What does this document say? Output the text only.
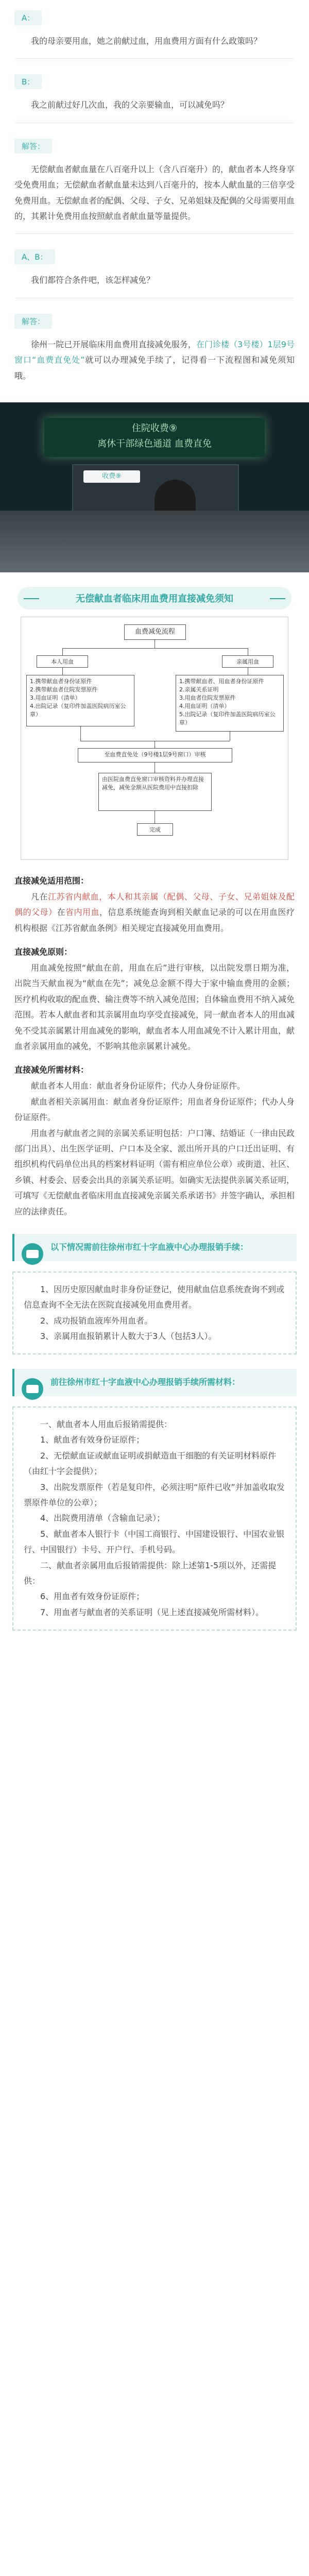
A：
我的母亲要用血，她之前献过血，用血费用方面有什么政策吗？
B：
我之前献过好几次血，我的父亲要输血，可以减免吗？
解答：
无偿献血者献血量在八百毫升以上（含八百毫升）的，献血者本人终身享受免费用血；无偿献血者献血量未达到八百毫升的，按本人献血量的三倍享受免费用血。无偿献血者的配偶、父母、子女、兄弟姐妹及配偶的父母需要用血的，其累计免费用血按照献血者献血量等量提供。
A、B：
我们都符合条件吧，该怎样减免？
解答：
徐州一院已开展临床用血费用直接减免服务，在门诊楼（3号楼）1层9号窗口“血费直免处”就可以办理减免手续了，记得看一下流程图和减免须知哦。
住院收费⑨
离休干部绿色通道 血费直免
收费⑨
无偿献血者临床用血费用直接减免须知
血费减免流程
本人用血	亲属用血
1.携带献血者身份证原件
2.携带献血者住院发票原件
3.用血证明（清单）
4.出院记录（复印件加盖医院病历室公章）
1.携带献血者、用血者身份证原件
2.亲属关系证明
3.用血者住院发票原件
4.用血证明（清单）
5.出院记录（复印件加盖医院病历室公章）
至血费直免处（9号楼1层9号窗口）审核
由医院血费直免窗口审核资料并办理直接减免，减免金额从医院费用中直接扣除
完成
直接减免适用范围：
凡在江苏省内献血，本人和其亲属（配偶、父母、子女、兄弟姐妹及配偶的父母）在省内用血，信息系统能查询到相关献血记录的可以在用血医疗机构根据《江苏省献血条例》相关规定直接减免用血费用。
直接减免原则：
用血减免按照“献血在前，用血在后”进行审核，以出院发票日期为准，出院当天献血视为“献血在先”；减免总金额不得大于家中输血费用的金额；医疗机构收取的配血费、输注费等不纳入减免范围；自体输血费用不纳入减免范围。若本人献血者和其亲属用血均享受直接减免，同一献血者本人的用血减免不受其亲属累计用血减免的影响，献血者本人用血减免不计入累计用血，献血者亲属用血的减免，不影响其他亲属累计减免。
直接减免所需材料：
献血者本人用血：献血者身份证原件；代办人身份证原件。
献血者相关亲属用血：献血者身份证原件；用血者身份证原件；代办人身份证原件。
用血者与献血者之间的亲属关系证明包括：户口簿、结婚证（一律由民政部门出具）、出生医学证明、户口本及全家、派出所开具的户口迁出证明、有组织机构代码单位出具的档案材料证明（需有相应单位公章）或街道、社区、乡镇、村委会、居委会出具的亲属关系证明。如确实无法提供亲属关系证明，可填写《无偿献血者临床用血直接减免亲属关系承诺书》并签字确认，承担相应的法律责任。
以下情况需前往徐州市红十字血液中心办理报销手续：
1、因历史原因献血时非身份证登记，使用献血信息系统查询不到或信息查询不全无法在医院直接减免用血费用者。
2、成功报销血液库外用血者。
3、亲属用血报销累计人数大于3人（包括3人）。
前往徐州市红十字血液中心办理报销手续所需材料：
一、献血者本人用血后报销需提供：
1、献血者有效身份证原件；
2、无偿献血证或献血证明或捐献造血干细胞的有关证明材料原件（由红十字会提供）；
3、出院发票原件（若是复印件，必须注明“原件已收”并加盖收取发票原件单位的公章）；
4、出院费用清单（含输血记录）；
5、献血者本人银行卡（中国工商银行、中国建设银行、中国农业银行、中国银行）卡号、开户行、手机号码。
二、献血者亲属用血后报销需提供：除上述第1-5项以外，还需提供：
6、用血者有效身份证原件；
7、用血者与献血者的关系证明（见上述直接减免所需材料）。
